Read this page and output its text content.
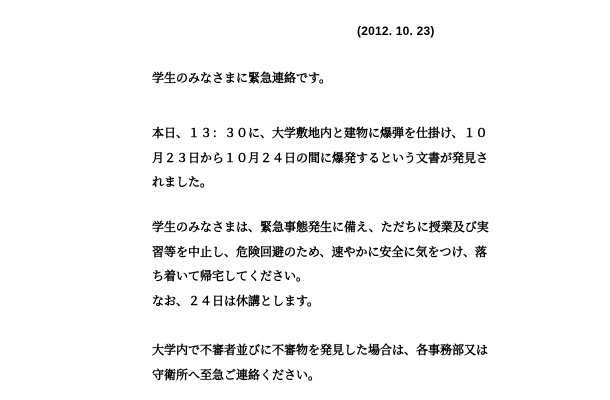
(2012. 10. 23)
学生のみなさまに緊急連絡です。
本日、１３：３０に、大学敷地内と建物に爆弾を仕掛け、１０
月２３日から１０月２４日の間に爆発するという文書が発見さ
れました。
学生のみなさまは、緊急事態発生に備え、ただちに授業及び実
習等を中止し、危険回避のため、速やかに安全に気をつけ、落
ち着いて帰宅してください。
なお、２４日は休講とします。
大学内で不審者並びに不審物を発見した場合は、各事務部又は
守衛所へ至急ご連絡ください。
